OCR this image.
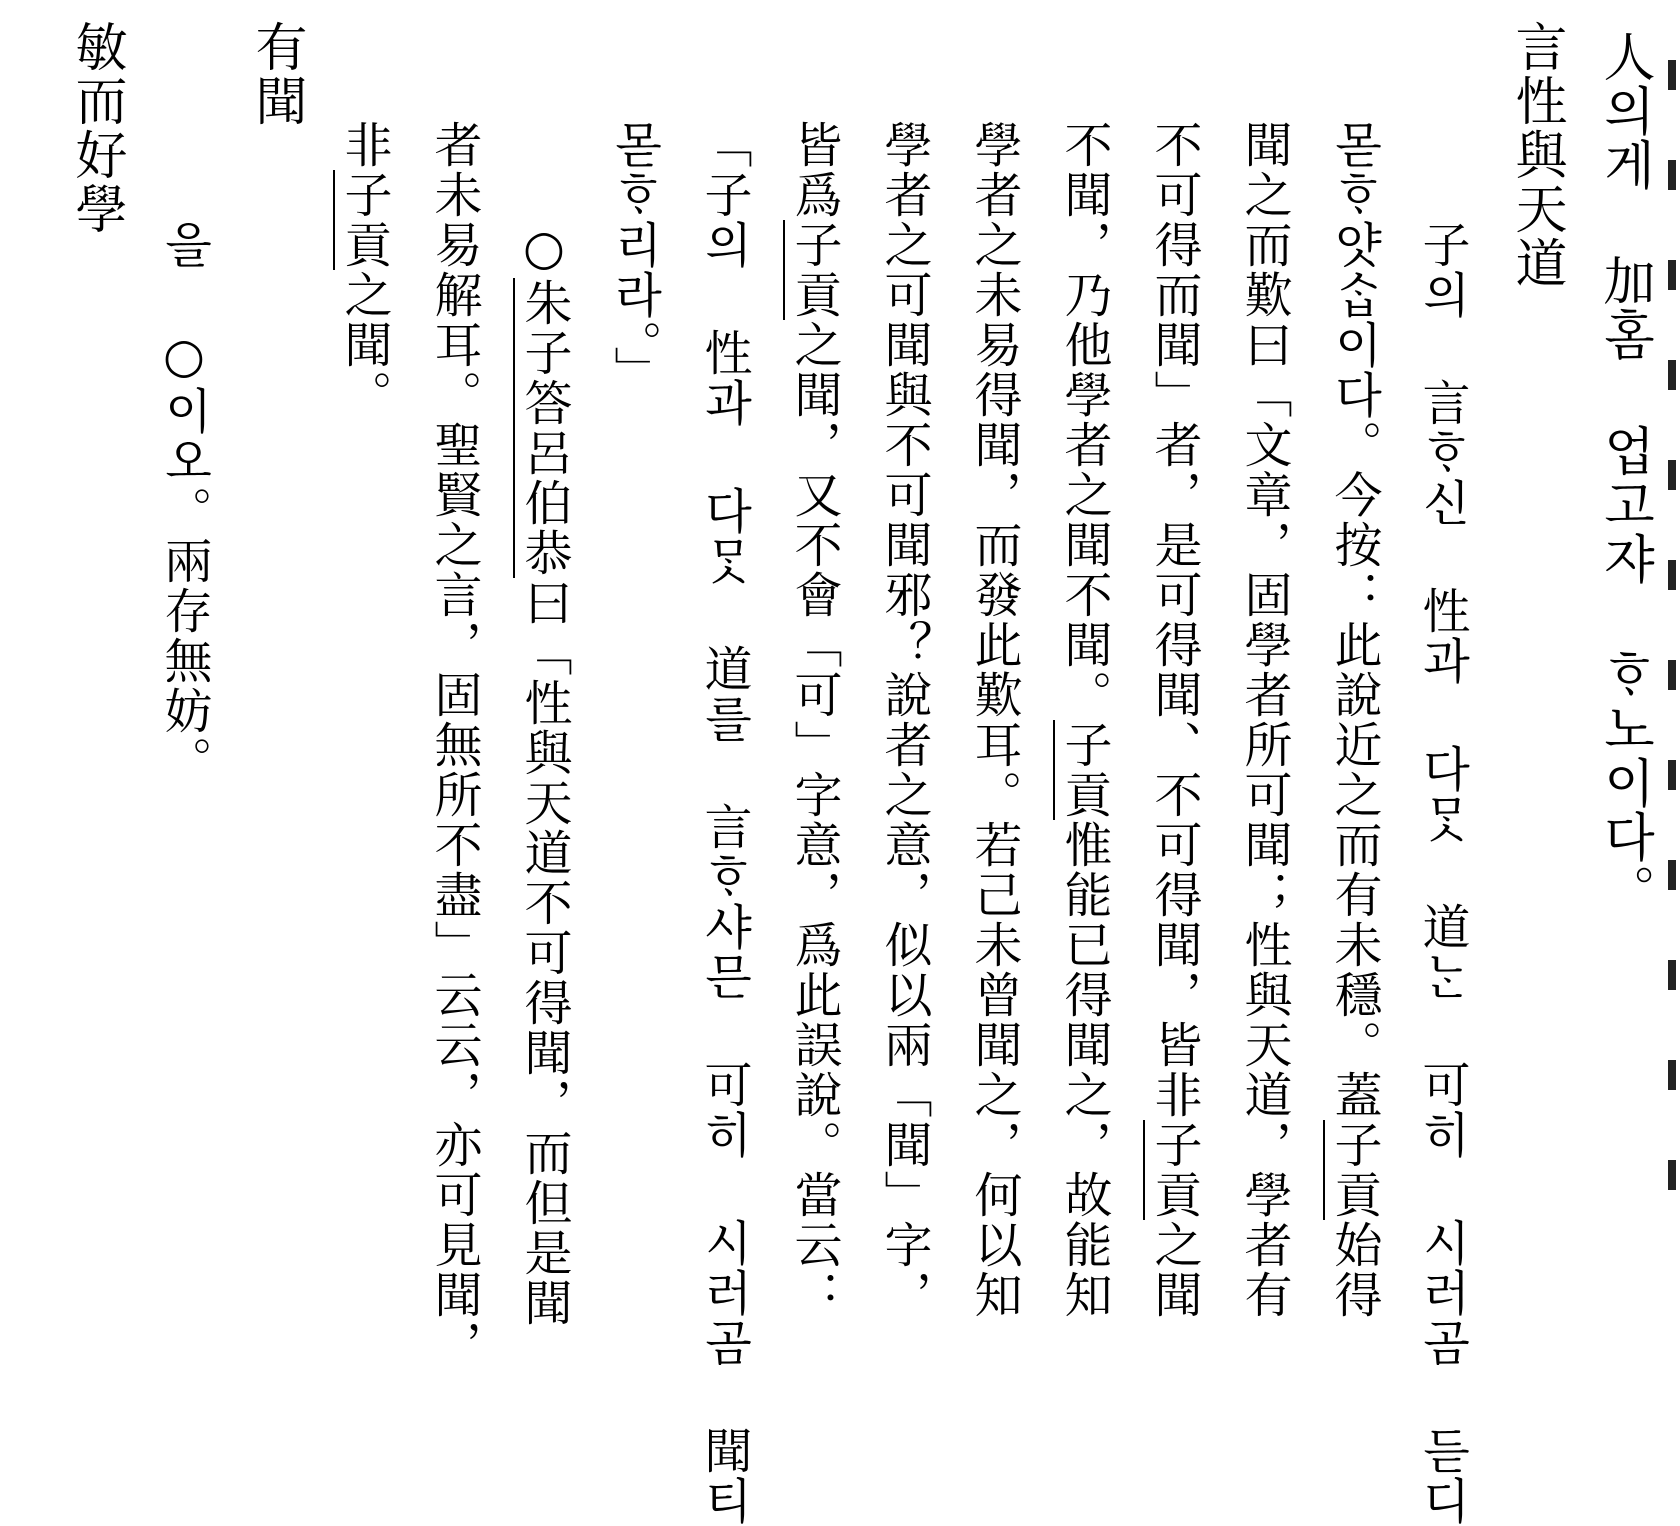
人의게 加홈 업고쟈 ᄒᆞ노이다。
言性與天道
子의 言ᄒᆞ신 性과 다ᄆᆞᆺ 道ᄂᆞᆫ 可히 시러곰 듣디
몯ᄒᆞ얏ᄉᆞᆸ이다。今按：此說近之而有未穩。蓋子貢始得
聞之而歎曰「文章，固學者所可聞；性與天道，學者有
不可得而聞」者，是可得聞、不可得聞，皆非子貢之聞
不聞，乃他學者之聞不聞。子貢惟能已得聞之，故能知
學者之未易得聞，而發此歎耳。若己未曾聞之，何以知
學者之可聞與不可聞邪？說者之意，似以兩「聞」字，
皆爲子貢之聞，又不會「可」字意，爲此誤說。當云：
「子의 性과 다ᄆᆞᆺ 道를 言ᄒᆞ샤믄 可히 시러곰 聞티
몯ᄒᆞ리라。」
○朱子答呂伯恭曰「性與天道不可得聞，而但是聞
者未易解耳。聖賢之言，固無所不盡」云云，亦可見聞，
非子貢之聞。
有聞
을 ○이오。兩存無妨。
敏而好學
